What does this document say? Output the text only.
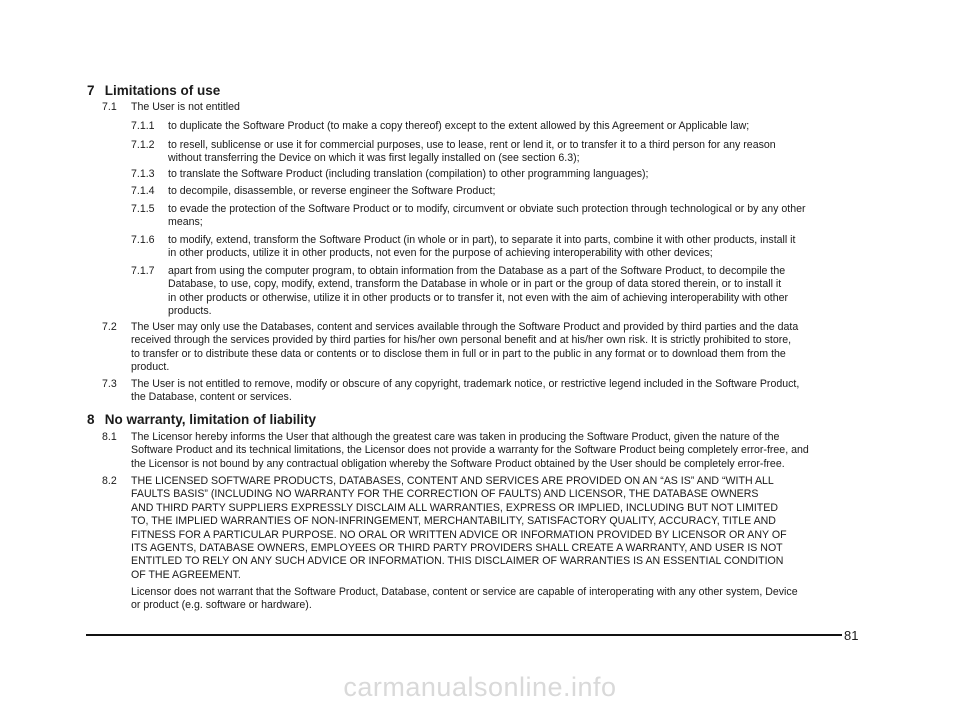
7 Limitations of use
7.1 The User is not entitled
7.1.1 to duplicate the Software Product (to make a copy thereof) except to the extent allowed by this Agreement or Applicable law;
7.1.2 to resell, sublicense or use it for commercial purposes, use to lease, rent or lend it, or to transfer it to a third person for any reason
without transferring the Device on which it was first legally installed on (see section 6.3);
7.1.3 to translate the Software Product (including translation (compilation) to other programming languages);
7.1.4 to decompile, disassemble, or reverse engineer the Software Product;
7.1.5 to evade the protection of the Software Product or to modify, circumvent or obviate such protection through technological or by any other
means;
7.1.6 to modify, extend, transform the Software Product (in whole or in part), to separate it into parts, combine it with other products, install it
in other products, utilize it in other products, not even for the purpose of achieving interoperability with other devices;
7.1.7 apart from using the computer program, to obtain information from the Database as a part of the Software Product, to decompile the
Database, to use, copy, modify, extend, transform the Database in whole or in part or the group of data stored therein, or to install it
in other products or otherwise, utilize it in other products or to transfer it, not even with the aim of achieving interoperability with other
products.
7.2 The User may only use the Databases, content and services available through the Software Product and provided by third parties and the data
received through the services provided by third parties for his/her own personal benefit and at his/her own risk. It is strictly prohibited to store,
to transfer or to distribute these data or contents or to disclose them in full or in part to the public in any format or to download them from the
product.
7.3 The User is not entitled to remove, modify or obscure of any copyright, trademark notice, or restrictive legend included in the Software Product,
the Database, content or services.
8 No warranty, limitation of liability
8.1 The Licensor hereby informs the User that although the greatest care was taken in producing the Software Product, given the nature of the
Software Product and its technical limitations, the Licensor does not provide a warranty for the Software Product being completely error-free, and
the Licensor is not bound by any contractual obligation whereby the Software Product obtained by the User should be completely error-free.
8.2 THE LICENSED SOFTWARE PRODUCTS, DATABASES, CONTENT AND SERVICES ARE PROVIDED ON AN “AS IS” AND “WITH ALL
FAULTS BASIS” (INCLUDING NO WARRANTY FOR THE CORRECTION OF FAULTS) AND LICENSOR, THE DATABASE OWNERS
AND THIRD PARTY SUPPLIERS EXPRESSLY DISCLAIM ALL WARRANTIES, EXPRESS OR IMPLIED, INCLUDING BUT NOT LIMITED
TO, THE IMPLIED WARRANTIES OF NON-INFRINGEMENT, MERCHANTABILITY, SATISFACTORY QUALITY, ACCURACY, TITLE AND
FITNESS FOR A PARTICULAR PURPOSE. NO ORAL OR WRITTEN ADVICE OR INFORMATION PROVIDED BY LICENSOR OR ANY OF
ITS AGENTS, DATABASE OWNERS, EMPLOYEES OR THIRD PARTY PROVIDERS SHALL CREATE A WARRANTY, AND USER IS NOT
ENTITLED TO RELY ON ANY SUCH ADVICE OR INFORMATION. THIS DISCLAIMER OF WARRANTIES IS AN ESSENTIAL CONDITION
OF THE AGREEMENT.
Licensor does not warrant that the Software Product, Database, content or service are capable of interoperating with any other system, Device
or product (e.g. software or hardware).
81
carmanualsonline.info
